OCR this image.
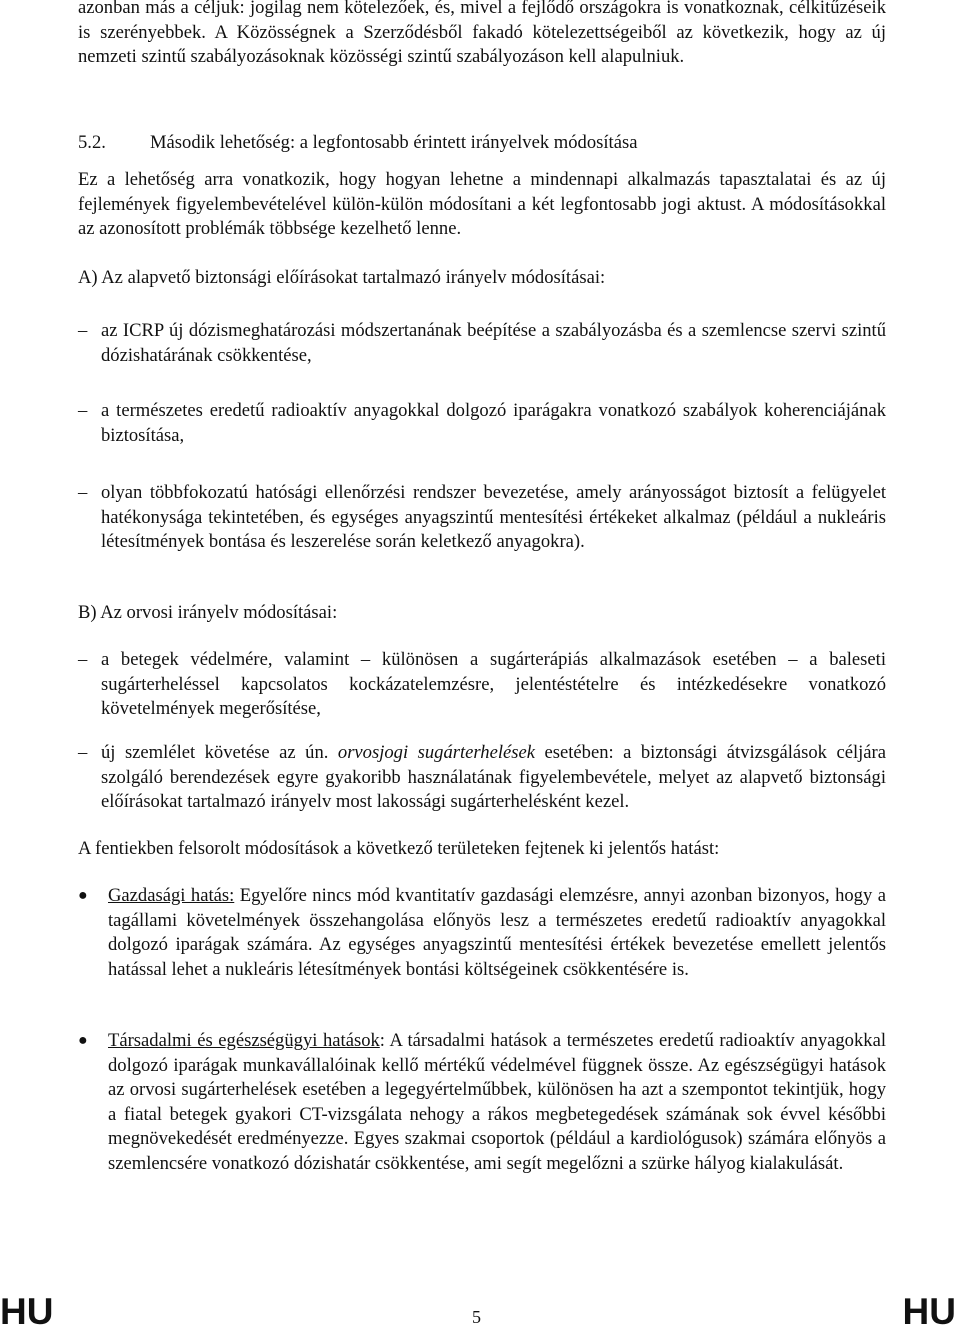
azonban más a céljuk: jogilag nem kötelezőek, és, mivel a fejlődő országokra is vonatkoznak, célkitűzéseik is szerényebbek. A Közösségnek a Szerződésből fakadó kötelezettségeiből az következik, hogy az új nemzeti szintű szabályozásoknak közösségi szintű szabályozáson kell alapulniuk.

5.2. Második lehetőség: a legfontosabb érintett irányelvek módosítása

Ez a lehetőség arra vonatkozik, hogy hogyan lehetne a mindennapi alkalmazás tapasztalatai és az új fejlemények figyelembevételével külön-külön módosítani a két legfontosabb jogi aktust. A módosításokkal az azonosított problémák többsége kezelhető lenne.

A) Az alapvető biztonsági előírásokat tartalmazó irányelv módosításai:

– az ICRP új dózismeghatározási módszertanának beépítése a szabályozásba és a szemlencse szervi szintű dózishatárának csökkentése,

– a természetes eredetű radioaktív anyagokkal dolgozó iparágakra vonatkozó szabályok koherenciájának biztosítása,

– olyan többfokozatú hatósági ellenőrzési rendszer bevezetése, amely arányosságot biztosít a felügyelet hatékonysága tekintetében, és egységes anyagszintű mentesítési értékeket alkalmaz (például a nukleáris létesítmények bontása és leszerelése során keletkező anyagokra).

B) Az orvosi irányelv módosításai:

– a betegek védelmére, valamint – különösen a sugárterápiás alkalmazások esetében – a baleseti sugárterheléssel kapcsolatos kockázatelemzésre, jelentéstételre és intézkedésekre vonatkozó követelmények megerősítése,

– új szemlélet követése az ún. orvosjogi sugárterhelések esetében: a biztonsági átvizsgálások céljára szolgáló berendezések egyre gyakoribb használatának figyelembevétele, melyet az alapvető biztonsági előírásokat tartalmazó irányelv most lakossági sugárterhelésként kezel.

A fentiekben felsorolt módosítások a következő területeken fejtenek ki jelentős hatást:

● Gazdasági hatás: Egyelőre nincs mód kvantitatív gazdasági elemzésre, annyi azonban bizonyos, hogy a tagállami követelmények összehangolása előnyös lesz a természetes eredetű radioaktív anyagokkal dolgozó iparágak számára. Az egységes anyagszintű mentesítési értékek bevezetése emellett jelentős hatással lehet a nukleáris létesítmények bontási költségeinek csökkentésére is.

● Társadalmi és egészségügyi hatások: A társadalmi hatások a természetes eredetű radioaktív anyagokkal dolgozó iparágak munkavállalóinak kellő mértékű védelmével függnek össze. Az egészségügyi hatások az orvosi sugárterhelések esetében a legegyértelműbbek, különösen ha azt a szempontot tekintjük, hogy a fiatal betegek gyakori CT-vizsgálata nehogy a rákos megbetegedések számának sok évvel későbbi megnövekedését eredményezze. Egyes szakmai csoportok (például a kardiológusok) számára előnyös a szemlencsére vonatkozó dózishatár csökkentése, ami segít megelőzni a szürke hályog kialakulását.

HU	5	HU
